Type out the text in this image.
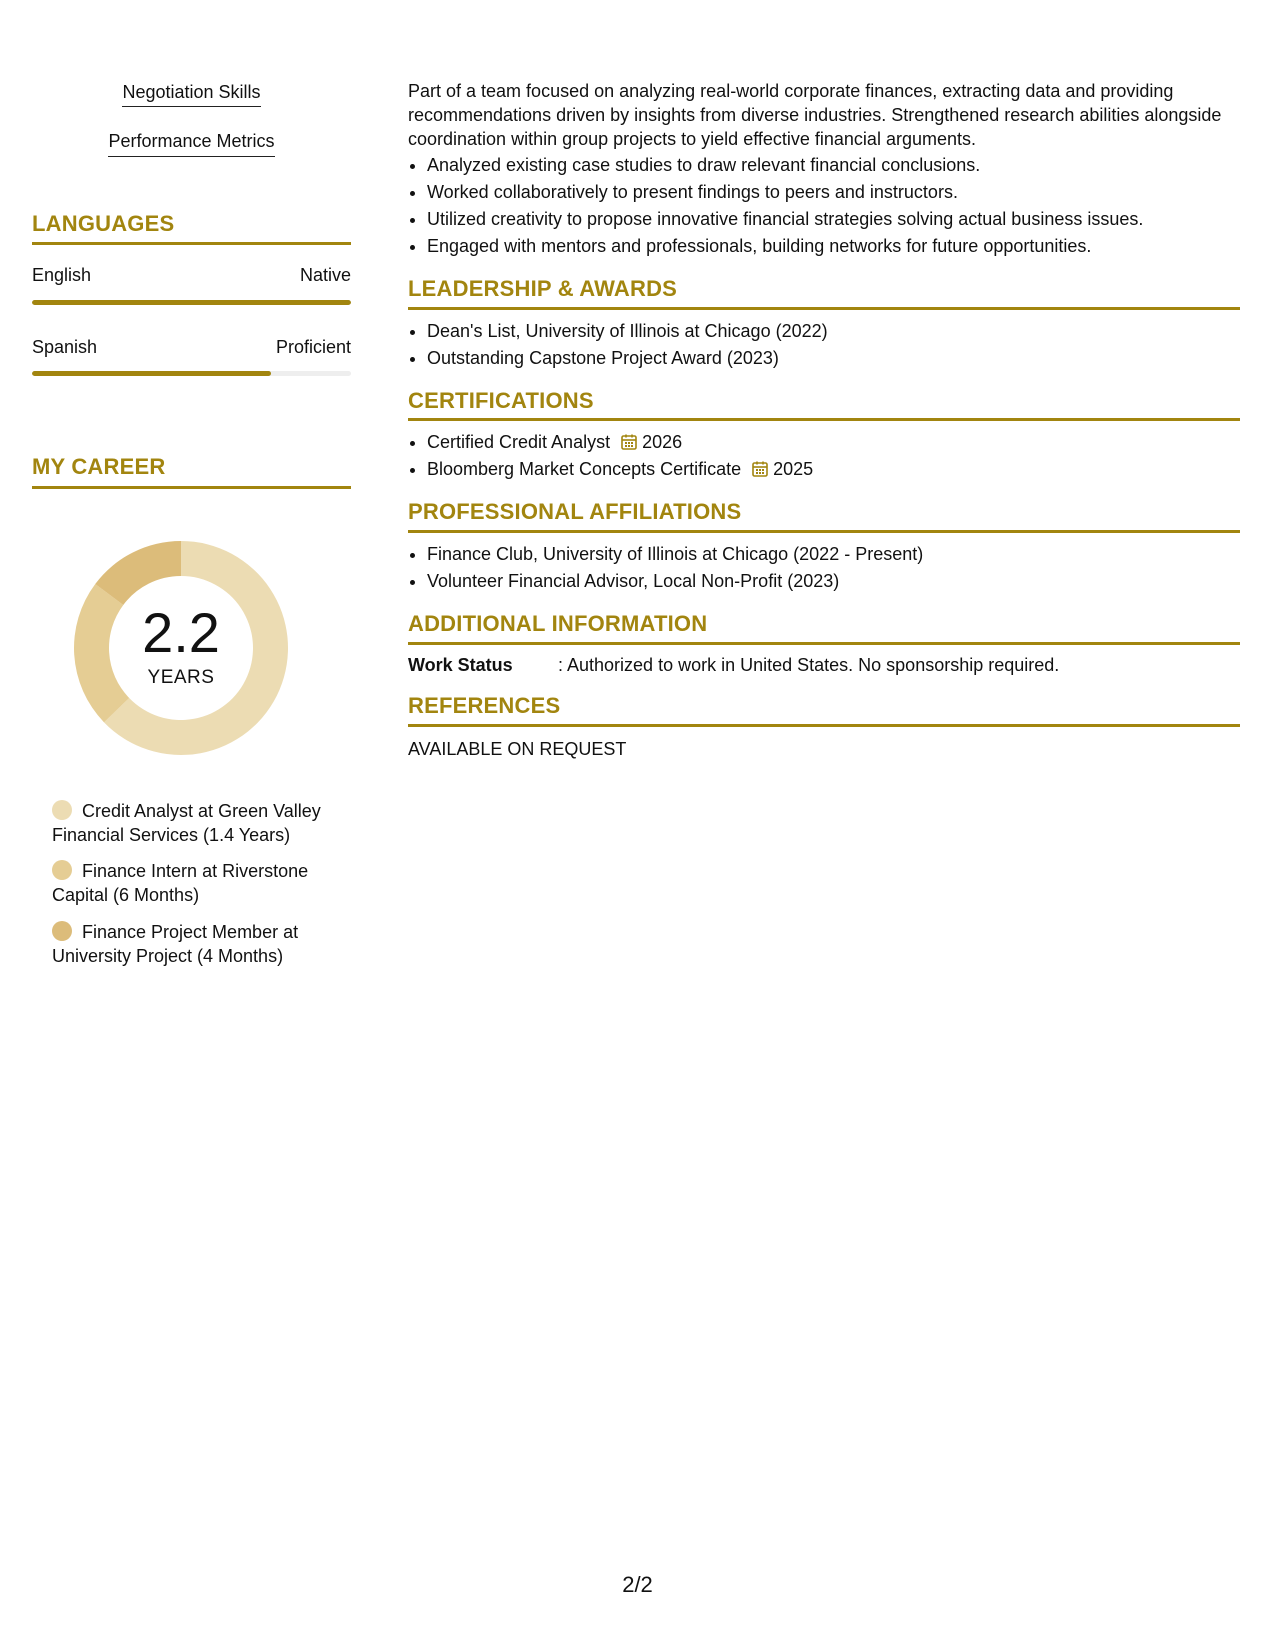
Negotiation Skills
Performance Metrics
LANGUAGES
English	Native
Spanish	Proficient
MY CAREER
2.2
YEARS
Credit Analyst at Green Valley Financial Services (1.4 Years)
Finance Intern at Riverstone Capital (6 Months)
Finance Project Member at University Project (4 Months)

Part of a team focused on analyzing real-world corporate finances, extracting data and providing recommendations driven by insights from diverse industries. Strengthened research abilities alongside coordination within group projects to yield effective financial arguments.

• Analyzed existing case studies to draw relevant financial conclusions.
• Worked collaboratively to present findings to peers and instructors.
• Utilized creativity to propose innovative financial strategies solving actual business issues.
• Engaged with mentors and professionals, building networks for future opportunities.
LEADERSHIP & AWARDS
• Dean's List, University of Illinois at Chicago (2022)
• Outstanding Capstone Project Award (2023)
CERTIFICATIONS
• Certified Credit Analyst 2026
• Bloomberg Market Concepts Certificate 2025
PROFESSIONAL AFFILIATIONS
• Finance Club, University of Illinois at Chicago (2022 - Present)
• Volunteer Financial Advisor, Local Non-Profit (2023)
ADDITIONAL INFORMATION
Work Status	: Authorized to work in United States. No sponsorship required.
REFERENCES
AVAILABLE ON REQUEST
2/2
